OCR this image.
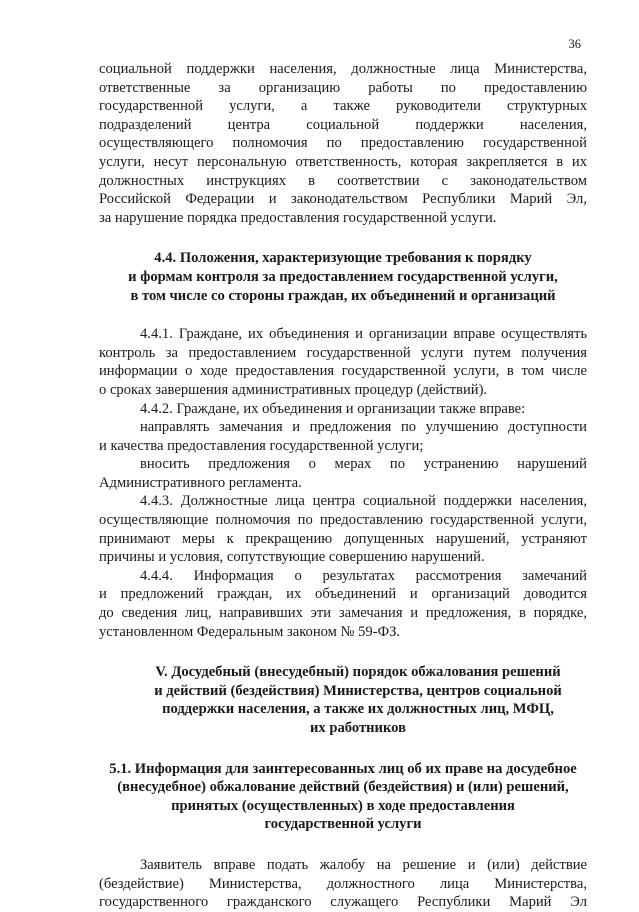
36

социальной поддержки населения, должностные лица Министерства,

ответственные за организацию работы по предоставлению

государственной услуги, а также руководители структурных

подразделений центра социальной поддержки населения,

осуществляющего полномочия по предоставлению государственной

услуги, несут персональную ответственность, которая закрепляется в их

должностных инструкциях в соответствии с законодательством

Российской Федерации и законодательством Республики Марий Эл,

за нарушение порядка предоставления государственной услуги.

4.4. Положения, характеризующие требования к порядку
и формам контроля за предоставлением государственной услуги,
в том числе со стороны граждан, их объединений и организаций

4.4.1. Граждане, их объединения и организации вправе осуществлять

контроль за предоставлением государственной услуги путем получения

информации о ходе предоставления государственной услуги, в том числе

о сроках завершения административных процедур (действий).

4.4.2. Граждане, их объединения и организации также вправе:

направлять замечания и предложения по улучшению доступности

и качества предоставления государственной услуги;

вносить предложения о мерах по устранению нарушений

Административного регламента.

4.4.3. Должностные лица центра социальной поддержки населения,

осуществляющие полномочия по предоставлению государственной услуги,

принимают меры к прекращению допущенных нарушений, устраняют

причины и условия, сопутствующие совершению нарушений.

4.4.4. Информация о результатах рассмотрения замечаний

и предложений граждан, их объединений и организаций доводится

до сведения лиц, направивших эти замечания и предложения, в порядке,

установленном Федеральным законом № 59-ФЗ.

V. Досудебный (внесудебный) порядок обжалования решений
и действий (бездействия) Министерства, центров социальной
поддержки населения, а также их должностных лиц, МФЦ,
их работников
5.1. Информация для заинтересованных лиц об их праве на досудебное
(внесудебное) обжалование действий (бездействия) и (или) решений,
принятых (осуществленных) в ходе предоставления
государственной услуги

Заявитель вправе подать жалобу на решение и (или) действие

(бездействие) Министерства, должностного лица Министерства,

государственного гражданского служащего Республики Марий Эл
